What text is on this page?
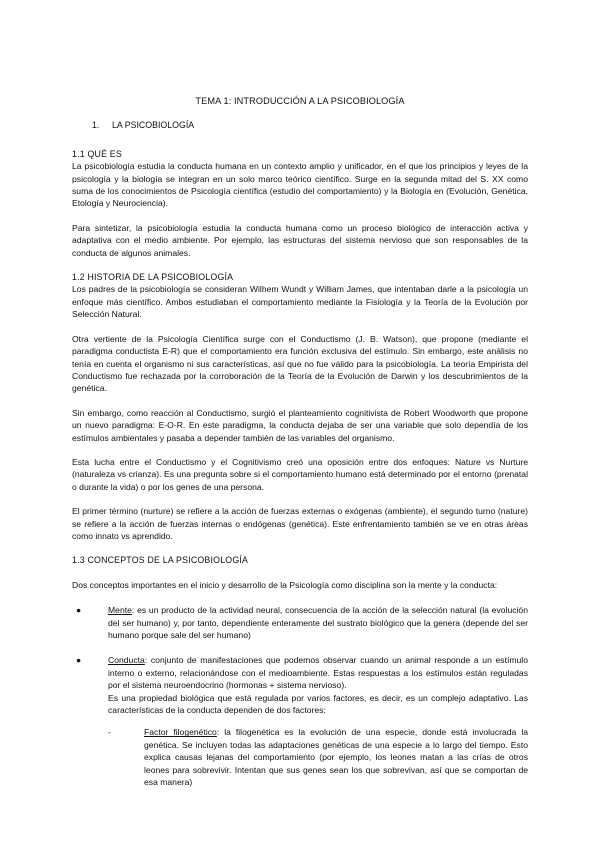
TEMA 1: INTRODUCCIÓN A LA PSICOBIOLOGÍA
1. LA PSICOBIOLOGÍA
1.1 QUÉ ES

La psicobiología estudia la conducta humana en un contexto amplio y unificador, en el que los principios y leyes de la psicología y la biología se integran en un solo marco teórico científico. Surge en la segunda mitad del S. XX como suma de los conocimientos de Psicología científica (estudio del comportamiento) y la Biología en (Evolución, Genética, Etología y Neurociencia).

Para sintetizar, la psicobiología estudia la conducta humana como un proceso biológico de interacción activa y adaptativa con el medio ambiente. Por ejemplo, las estructuras del sistema nervioso que son responsables de la conducta de algunos animales.

1.2 HISTORIA DE LA PSICOBIOLOGÍA

Los padres de la psicobiología se consideran Wilhem Wundt y William James, que intentaban darle a la psicología un enfoque más científico. Ambos estudiaban el comportamiento mediante la Fisiología y la Teoría de la Evolución por Selección Natural.

Otra vertiente de la Psicología Científica surge con el Conductismo (J. B. Watson), que propone (mediante el paradigma conductista E-R) que el comportamiento era función exclusiva del estímulo. Sin embargo, este análisis no tenía en cuenta el organismo ni sus características, así que no fue válido para la psicobiología. La teoría Empirista del Conductismo fue rechazada por la corroboración de la Teoría de la Evolución de Darwin y los descubrimientos de la genética.

Sin embargo, como reacción al Conductismo, surgió el planteamiento cognitivista de Robert Woodworth que propone un nuevo paradigma: E-O-R. En este paradigma, la conducta dejaba de ser una variable que solo dependía de los estímulos ambientales y pasaba a depender también de las variables del organismo.

Esta lucha entre el Conductismo y el Cognitivismo creó una oposición entre dos enfoques: Nature vs Nurture (naturaleza vs crianza). Es una pregunta sobre si el comportamiento humano está determinado por el entorno (prenatal o durante la vida) o por los genes de una persona.

El primer término (nurture) se refiere a la acción de fuerzas externas o exógenas (ambiente), el segundo turno (nature) se refiere a la acción de fuerzas internas o endógenas (genética). Este enfrentamiento también se ve en otras áreas como innato vs aprendido.

1.3 CONCEPTOS DE LA PSICOBIOLOGÍA

Dos conceptos importantes en el inicio y desarrollo de la Psicología como disciplina son la mente y la conducta:

●	Mente: es un producto de la actividad neural, consecuencia de la acción de la selección natural (la evolución del ser humano) y, por tanto, dependiente enteramente del sustrato biológico que la genera (depende del ser humano porque sale del ser humano)
●	Conducta: conjunto de manifestaciones que podemos observar cuando un animal responde a un estímulo interno o externo, relacionándose con el medioambiente. Estas respuestas a los estímulos están reguladas por el sistema neuroendocrino (hormonas + sistema nervioso).

Es una propiedad biológica que está regulada por varios factores, es decir, es un complejo adaptativo. Las características de la conducta dependen de dos factores:

-	Factor filogenético: la filogenética es la evolución de una especie, donde está involucrada la genética. Se incluyen todas las adaptaciones genéticas de una especie a lo largo del tiempo. Esto explica causas lejanas del comportamiento (por ejemplo, los leones matan a las crías de otros leones para sobrevivir. Intentan que sus genes sean los que sobrevivan, así que se comportan de esa manera)
